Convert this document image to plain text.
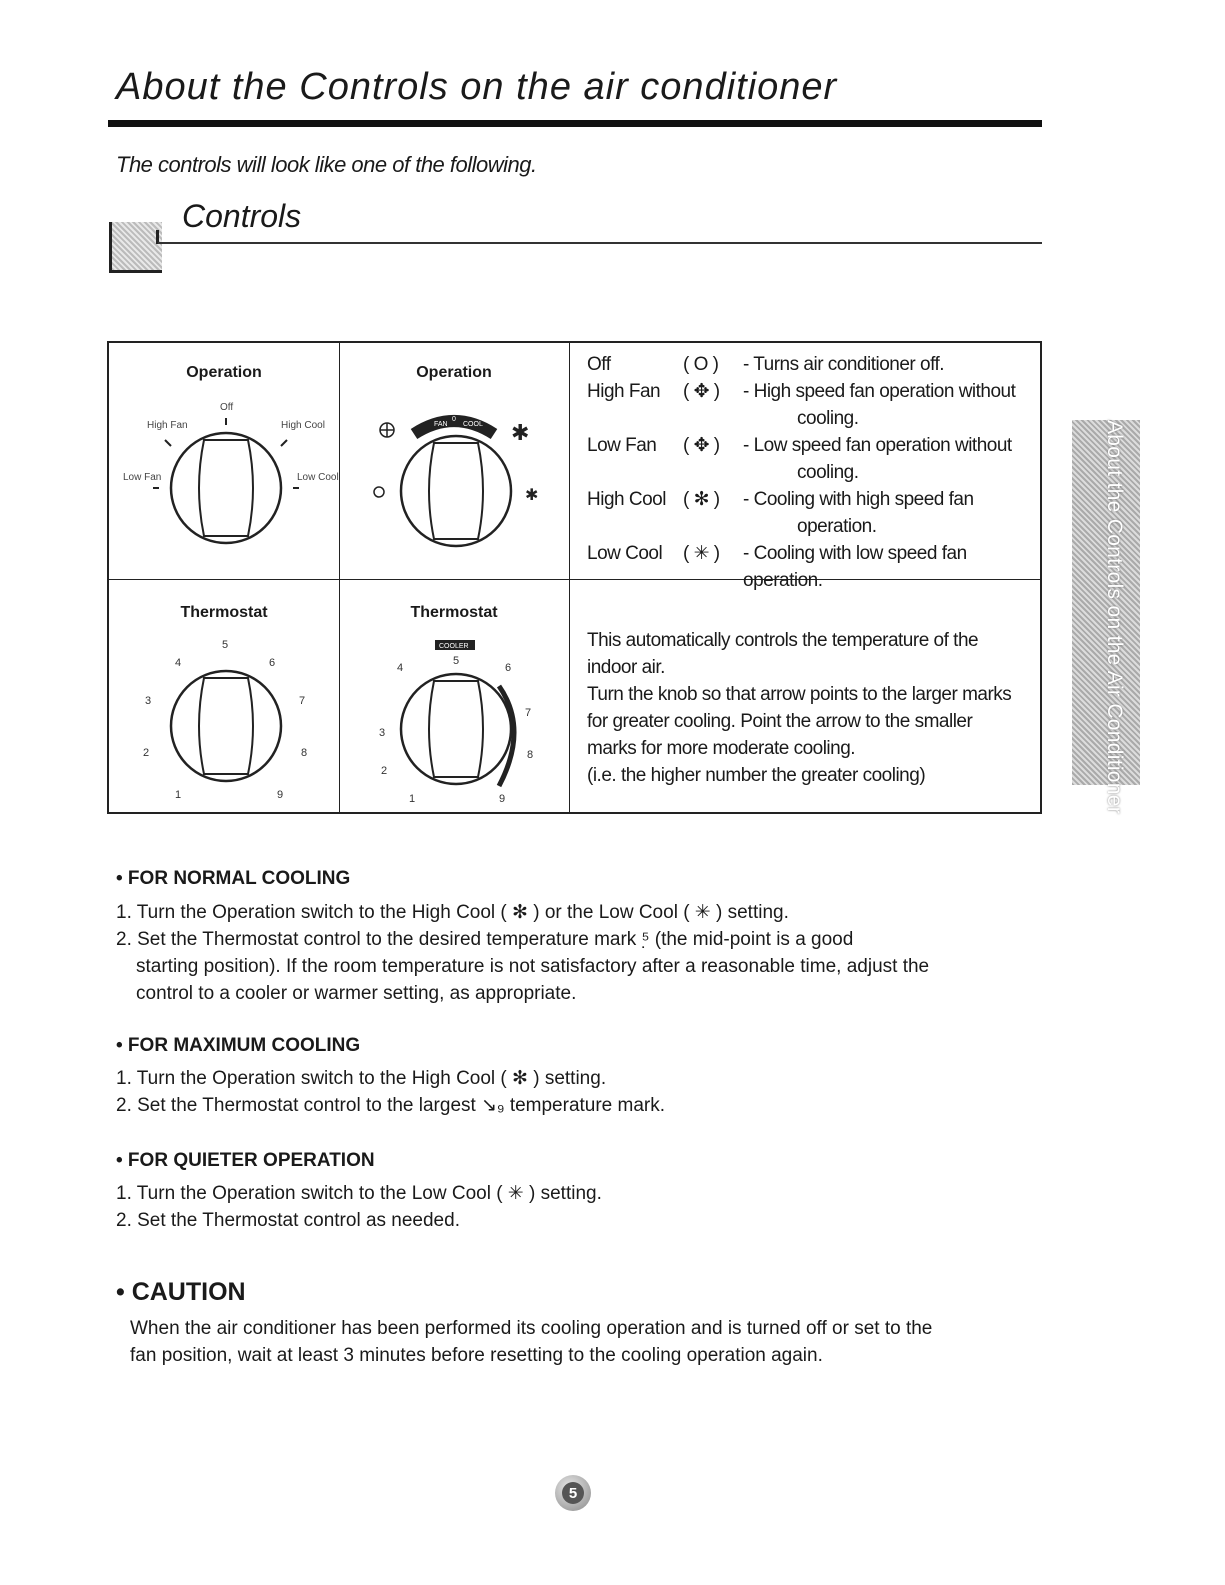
About the Controls on the air conditioner
The controls will look like one of the following.
Controls
Operation
Off
High Fan	High Cool
Low Fan	Low Cool
Operation
FAN
0
COOL ✱
✱
Thermostat
5
4	6
3	7
2	8
1	9
Thermostat
COOLER
5
3
2
4	6
7
8
1	9
Off	( O )	- Turns air conditioner off.
High Fan	( ✥ )	- High speed fan operation without
cooling.
Low Fan	( ✥ )	- Low speed fan operation without
cooling.
High Cool ( ✻ )	- Cooling with high speed fan
operation.
Low Cool	( ✳ )	- Cooling with low speed fan operation.
This automatically controls the temperature of the
indoor air.
Turn the knob so that arrow points to the larger marks
for greater cooling. Point the arrow to the smaller
marks for more moderate cooling.
(i.e. the higher number the greater cooling)	About the Controls on the Air Conditioner
• FOR NORMAL COOLING

1. Turn the Operation switch to the High Cool ( ✻ ) or the Low Cool ( ✳ ) setting.

2. Set the Thermostat control to the desired temperature mark ⁵̣ (the mid-point is a good

starting position). If the room temperature is not satisfactory after a reasonable time, adjust the

control to a cooler or warmer setting, as appropriate.

• FOR MAXIMUM COOLING

1. Turn the Operation switch to the High Cool ( ✻ ) setting.

2. Set the Thermostat control to the largest ↘₉ temperature mark.

• FOR QUIETER OPERATION

1. Turn the Operation switch to the Low Cool ( ✳ ) setting.

2. Set the Thermostat control as needed.

• CAUTION
When the air conditioner has been performed its cooling operation and is turned off or set to the
fan position, wait at least 3 minutes before resetting to the cooling operation again.
5
